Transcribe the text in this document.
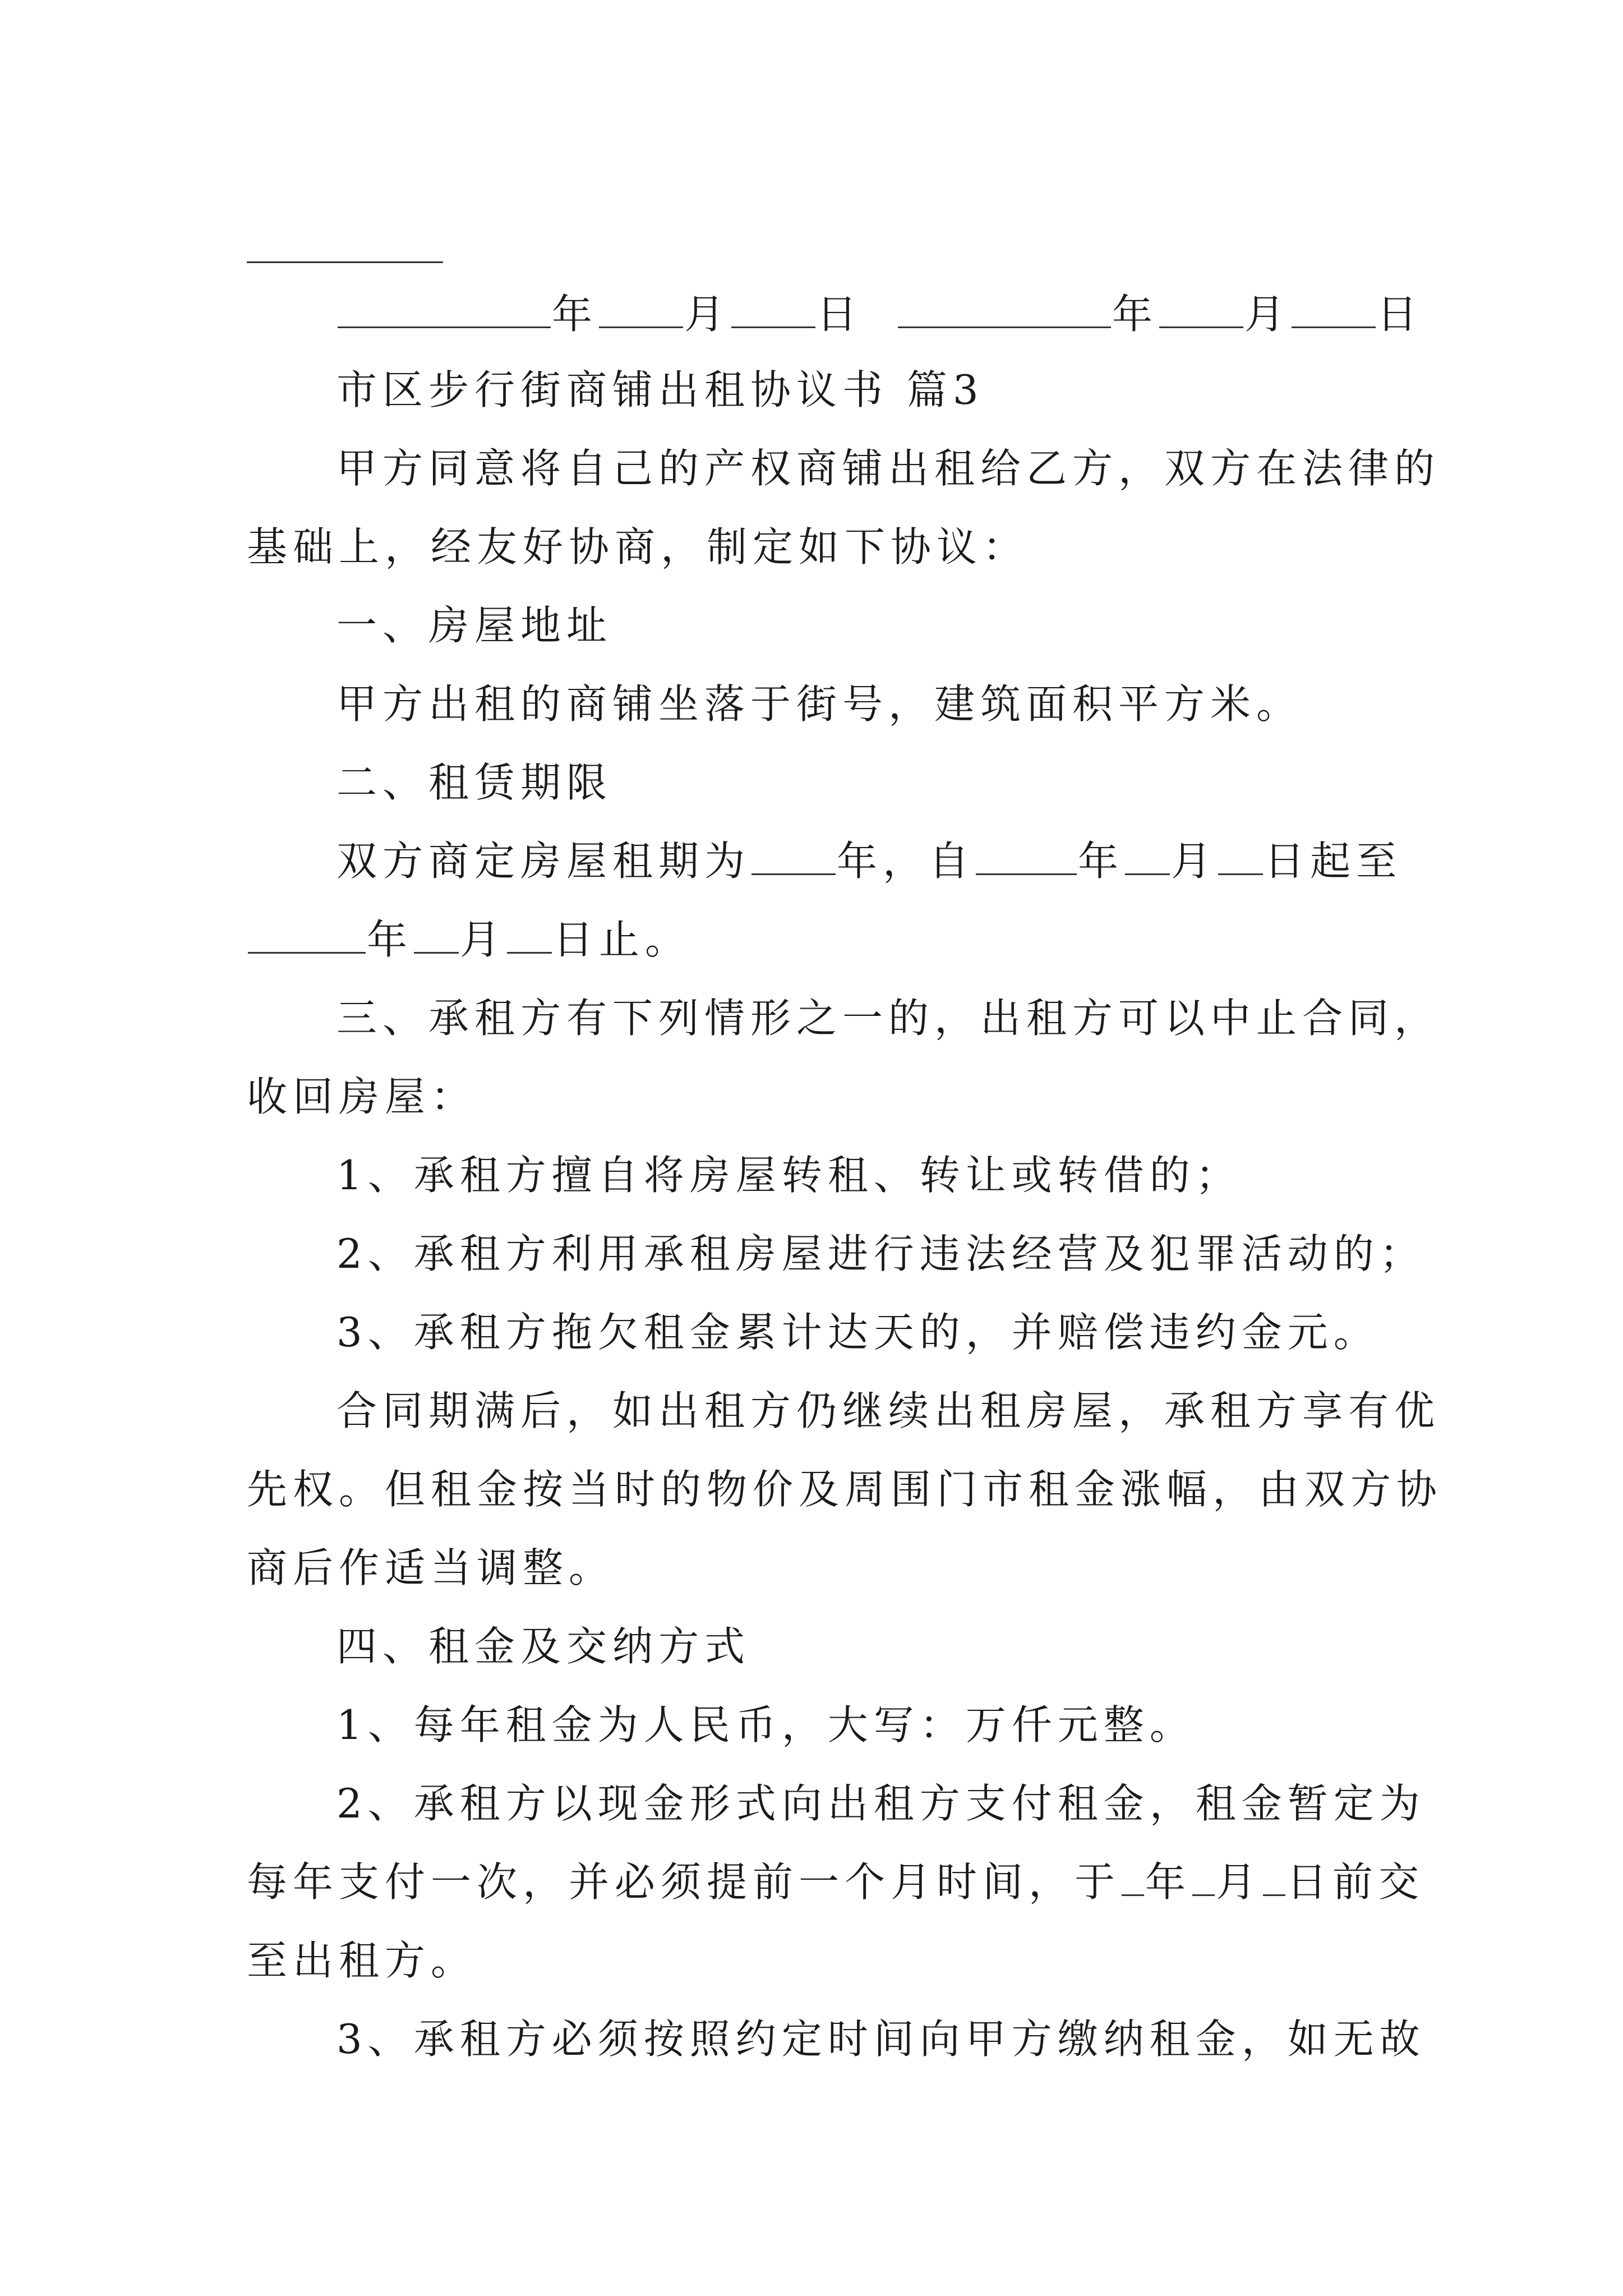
年 月 日	年 月 日
市区步行街商铺出租协议书 篇3
甲方同意将自己的产权商铺出租给乙方，双方在法律的
基础上，经友好协商，制定如下协议：
一、房屋地址
甲方出租的商铺坐落于街号，建筑面积平方米。
二、租赁期限
双方商定房屋租期为 年，自	年 月 日起至
年 月 日止。
三、承租方有下列情形之一的，出租方可以中止合同，
收回房屋：
1、承租方擅自将房屋转租、转让或转借的；
2、承租方利用承租房屋进行违法经营及犯罪活动的；
3、承租方拖欠租金累计达天的，并赔偿违约金元。
合同期满后，如出租方仍继续出租房屋，承租方享有优
先权。但租金按当时的物价及周围门市租金涨幅，由双方协
商后作适当调整。
四、租金及交纳方式
1、每年租金为人民币，大写：万仟元整。
2、承租方以现金形式向出租方支付租金，租金暂定为
每年支付一次，并必须提前一个月时间，于 年 月 日前交
至出租方。
3、承租方必须按照约定时间向甲方缴纳租金，如无故
